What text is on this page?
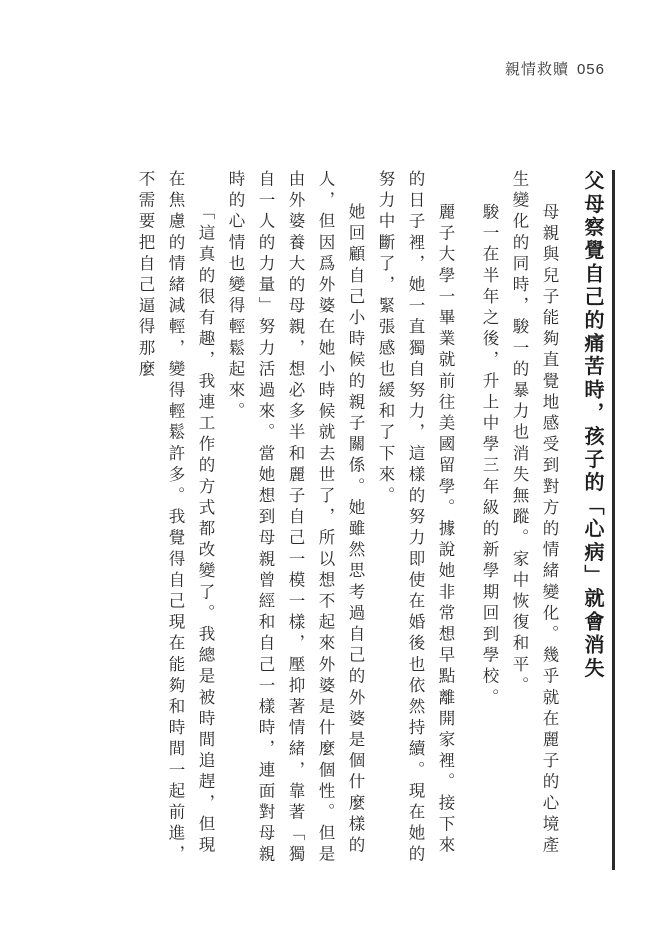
親情救贖 056
父母察覺自己的痛苦時，孩子的「心病」就會消失

母親與兒子能夠直覺地感受到對方的情緒變化。幾乎就在麗子的心境產生變化的同時，駿一的暴力也消失無蹤。家中恢復和平。

駿一在半年之後，升上中學三年級的新學期回到學校。

麗子大學一畢業就前往美國留學。據說她非常想早點離開家裡。接下來的日子裡，她一直獨自努力，這樣的努力即使在婚後也依然持續。現在她的努力中斷了，緊張感也緩和了下來。

她回顧自己小時候的親子關係。她雖然思考過自己的外婆是個什麼樣的人，但因爲外婆在她小時候就去世了，所以想不起來外婆是什麼個性。但是由外婆養大的母親，想必多半和麗子自己一模一樣，壓抑著情緒，靠著「獨自一人的力量」努力活過來。當她想到母親曾經和自己一樣時，連面對母親時的心情也變得輕鬆起來。

「這真的很有趣，我連工作的方式都改變了。我總是被時間追趕，但現在焦慮的情緒減輕，變得輕鬆許多。我覺得自己現在能夠和時間一起前進，不需要把自己逼得那麼
